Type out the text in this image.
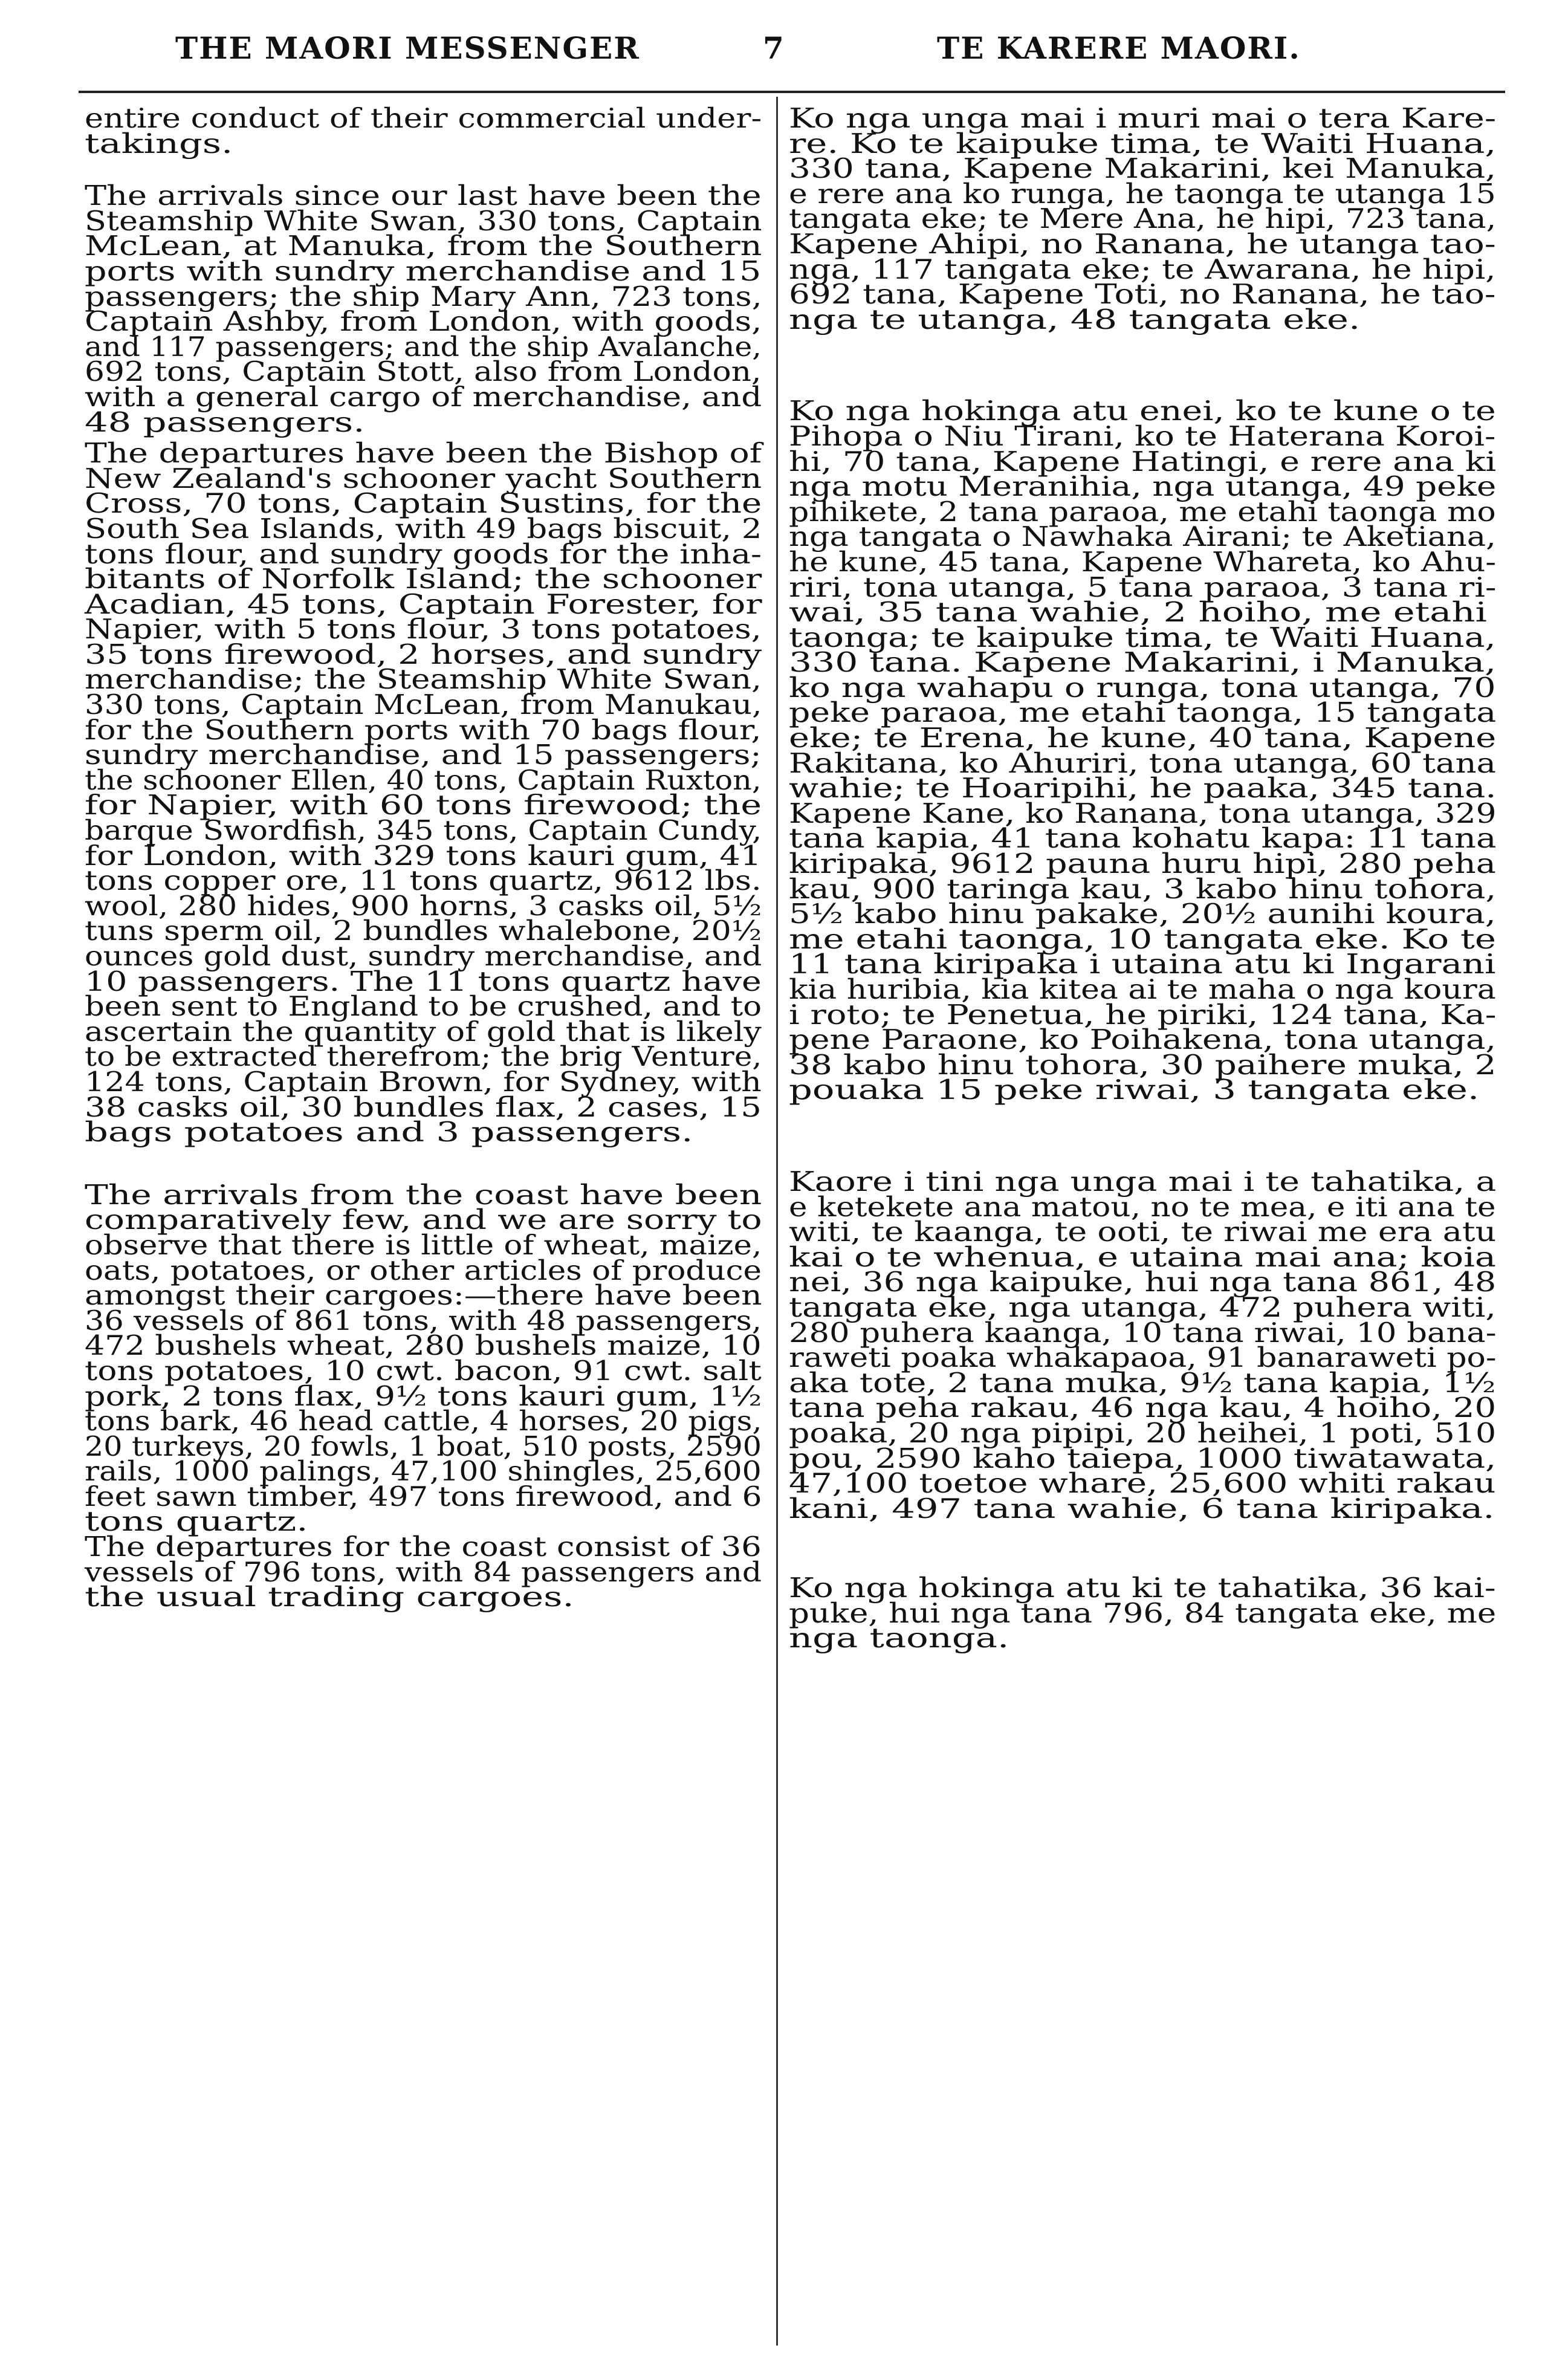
THE MAORI MESSENGER	7	TE KARERE MAORI.
entire conduct of their commercial under-
takings.
The arrivals since our last have been the
Steamship White Swan, 330 tons, Captain
McLean, at Manuka, from the Southern
ports with sundry merchandise and 15
passengers; the ship Mary Ann, 723 tons,
Captain Ashby, from London, with goods,
and 117 passengers; and the ship Avalanche,
692 tons, Captain Stott, also from London,
with a general cargo of merchandise, and
48 passengers.
The departures have been the Bishop of
New Zealand's schooner yacht Southern
Cross, 70 tons, Captain Sustins, for the
South Sea Islands, with 49 bags biscuit, 2
tons flour, and sundry goods for the inha-
bitants of Norfolk Island; the schooner
Acadian, 45 tons, Captain Forester, for
Napier, with 5 tons flour, 3 tons potatoes,
35 tons firewood, 2 horses, and sundry
merchandise; the Steamship White Swan,
330 tons, Captain McLean, from Manukau,
for the Southern ports with 70 bags flour,
sundry merchandise, and 15 passengers;
the schooner Ellen, 40 tons, Captain Ruxton,
for Napier, with 60 tons firewood; the
barque Swordfish, 345 tons, Captain Cundy,
for London, with 329 tons kauri gum, 41
tons copper ore, 11 tons quartz, 9612 lbs.
wool, 280 hides, 900 horns, 3 casks oil, 5½
tuns sperm oil, 2 bundles whalebone, 20½
ounces gold dust, sundry merchandise, and
10 passengers. The 11 tons quartz have
been sent to England to be crushed, and to
ascertain the quantity of gold that is likely
to be extracted therefrom; the brig Venture,
124 tons, Captain Brown, for Sydney, with
38 casks oil, 30 bundles flax, 2 cases, 15
bags potatoes and 3 passengers.
The arrivals from the coast have been
comparatively few, and we are sorry to
observe that there is little of wheat, maize,
oats, potatoes, or other articles of produce
amongst their cargoes:—there have been
36 vessels of 861 tons, with 48 passengers,
472 bushels wheat, 280 bushels maize, 10
tons potatoes, 10 cwt. bacon, 91 cwt. salt
pork, 2 tons flax, 9½ tons kauri gum, 1½
tons bark, 46 head cattle, 4 horses, 20 pigs,
20 turkeys, 20 fowls, 1 boat, 510 posts, 2590
rails, 1000 palings, 47,100 shingles, 25,600
feet sawn timber, 497 tons firewood, and 6
tons quartz.
The departures for the coast consist of 36
vessels of 796 tons, with 84 passengers and
the usual trading cargoes.
Ko nga unga mai i muri mai o tera Kare-
re. Ko te kaipuke tima, te Waiti Huana,
330 tana, Kapene Makarini, kei Manuka,
e rere ana ko runga, he taonga te utanga 15
tangata eke; te Mere Ana, he hipi, 723 tana,
Kapene Ahipi, no Ranana, he utanga tao-
nga, 117 tangata eke; te Awarana, he hipi,
692 tana, Kapene Toti, no Ranana, he tao-
nga te utanga, 48 tangata eke.
Ko nga hokinga atu enei, ko te kune o te
Pihopa o Niu Tirani, ko te Haterana Koroi-
hi, 70 tana, Kapene Hatingi, e rere ana ki
nga motu Meranihia, nga utanga, 49 peke
pihikete, 2 tana paraoa, me etahi taonga mo
nga tangata o Nawhaka Airani; te Aketiana,
he kune, 45 tana, Kapene Whareta, ko Ahu-
riri, tona utanga, 5 tana paraoa, 3 tana ri-
wai, 35 tana wahie, 2 hoiho, me etahi
taonga; te kaipuke tima, te Waiti Huana,
330 tana. Kapene Makarini, i Manuka,
ko nga wahapu o runga, tona utanga, 70
peke paraoa, me etahi taonga, 15 tangata
eke; te Erena, he kune, 40 tana, Kapene
Rakitana, ko Ahuriri, tona utanga, 60 tana
wahie; te Hoaripihi, he paaka, 345 tana.
Kapene Kane, ko Ranana, tona utanga, 329
tana kapia, 41 tana kohatu kapa: 11 tana
kiripaka, 9612 pauna huru hipi, 280 peha
kau, 900 taringa kau, 3 kabo hinu tohora,
5½ kabo hinu pakake, 20½ aunihi koura,
me etahi taonga, 10 tangata eke. Ko te
11 tana kiripaka i utaina atu ki Ingarani
kia huribia, kia kitea ai te maha o nga koura
i roto; te Penetua, he piriki, 124 tana, Ka-
pene Paraone, ko Poihakena, tona utanga,
38 kabo hinu tohora, 30 paihere muka, 2
pouaka 15 peke riwai, 3 tangata eke.
Kaore i tini nga unga mai i te tahatika, a
e ketekete ana matou, no te mea, e iti ana te
witi, te kaanga, te ooti, te riwai me era atu
kai o te whenua, e utaina mai ana; koia
nei, 36 nga kaipuke, hui nga tana 861, 48
tangata eke, nga utanga, 472 puhera witi,
280 puhera kaanga, 10 tana riwai, 10 bana-
raweti poaka whakapaoa, 91 banaraweti po-
aka tote, 2 tana muka, 9½ tana kapia, 1½
tana peha rakau, 46 nga kau, 4 hoiho, 20
poaka, 20 nga pipipi, 20 heihei, 1 poti, 510
pou, 2590 kaho taiepa, 1000 tiwatawata,
47,100 toetoe whare, 25,600 whiti rakau
kani, 497 tana wahie, 6 tana kiripaka.
Ko nga hokinga atu ki te tahatika, 36 kai-
puke, hui nga tana 796, 84 tangata eke, me
nga taonga.
